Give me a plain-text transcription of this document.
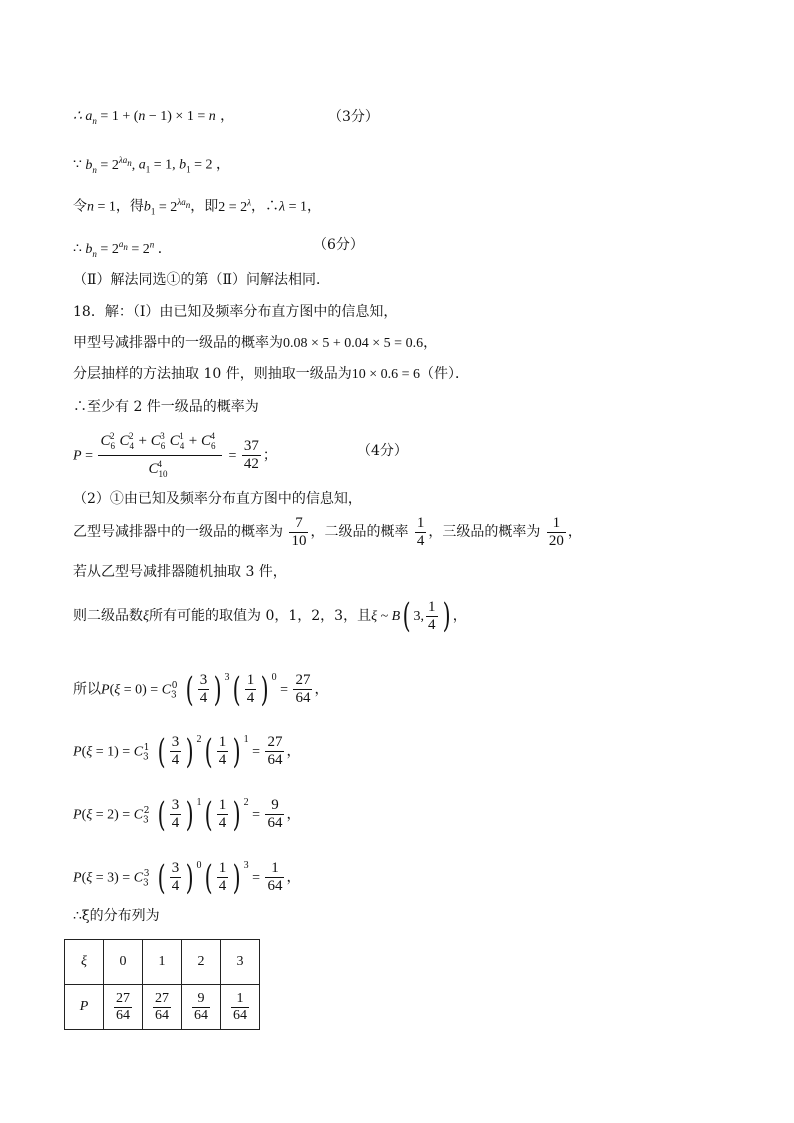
∴ $a_n = 1 + (n - 1) \times 1 = n$ ，	（3分）
∵ $b_n = 2^{\lambda a_n}$, $a_1 = 1$, $b_1 = 2$ ，
令n = 1，得$b_1 = 2^{\lambda a_n}$，即$2 = 2^\lambda$，∴λ = 1，
∴ $b_n = 2^{a_n} = 2^n$ ．	（6分）
（Ⅱ）解法同选①的第（Ⅱ）问解法相同．
18．解：（Ⅰ）由已知及频率分布直方图中的信息知，
甲型号减排器中的一级品的概率为0.08 × 5 + 0.04 × 5 = 0.6，
分层抽样的方法抽取 10 件，则抽取一级品为10 × 0.6 = 6（件）．
∴至少有 2 件一级品的概率为
$P = \frac{C_6^2 C_4^2 + C_6^3 C_4^1 + C_6^4}{C_{10}^4} = \frac{37}{42}$ ；	（4分）
（2）①由已知及频率分布直方图中的信息知，
乙型号减排器中的一级品的概率为 $\frac{7}{10}$ ，二级品的概率 $\frac{1}{4}$ ，三级品的概率为 $\frac{1}{20}$ ，
若从乙型号减排器随机抽取 3 件，
则二级品数ξ所有可能的取值为 0，1，2，3，且ξ ~ B( 3, $\frac{1}{4}$ ) ，
所以$P(\xi = 0) = C_3^0$ ( $\frac{3}{4}$ ) $^3( \frac{1}{4}$ ) $^0 = \frac{27}{64}$ ，
$P(\xi = 1) = C_3^1$ ( $\frac{3}{4}$ ) $^2( \frac{1}{4}$ ) $^1 = \frac{27}{64}$ ，
$P(\xi = 2) = C_3^2$ ( $\frac{3}{4}$ ) $^1( \frac{1}{4}$ ) $^2 = \frac{9}{64}$ ，
$P(\xi = 3) = C_3^3$ ( $\frac{3}{4}$ ) $^0( \frac{1}{4}$ ) $^3 = \frac{1}{64}$ ，
∴ξ的分布列为
ξ	0	1	2	3
P	$\frac{27}{64}$	$\frac{27}{64}$	$\frac{9}{64}$	$\frac{1}{64}$
